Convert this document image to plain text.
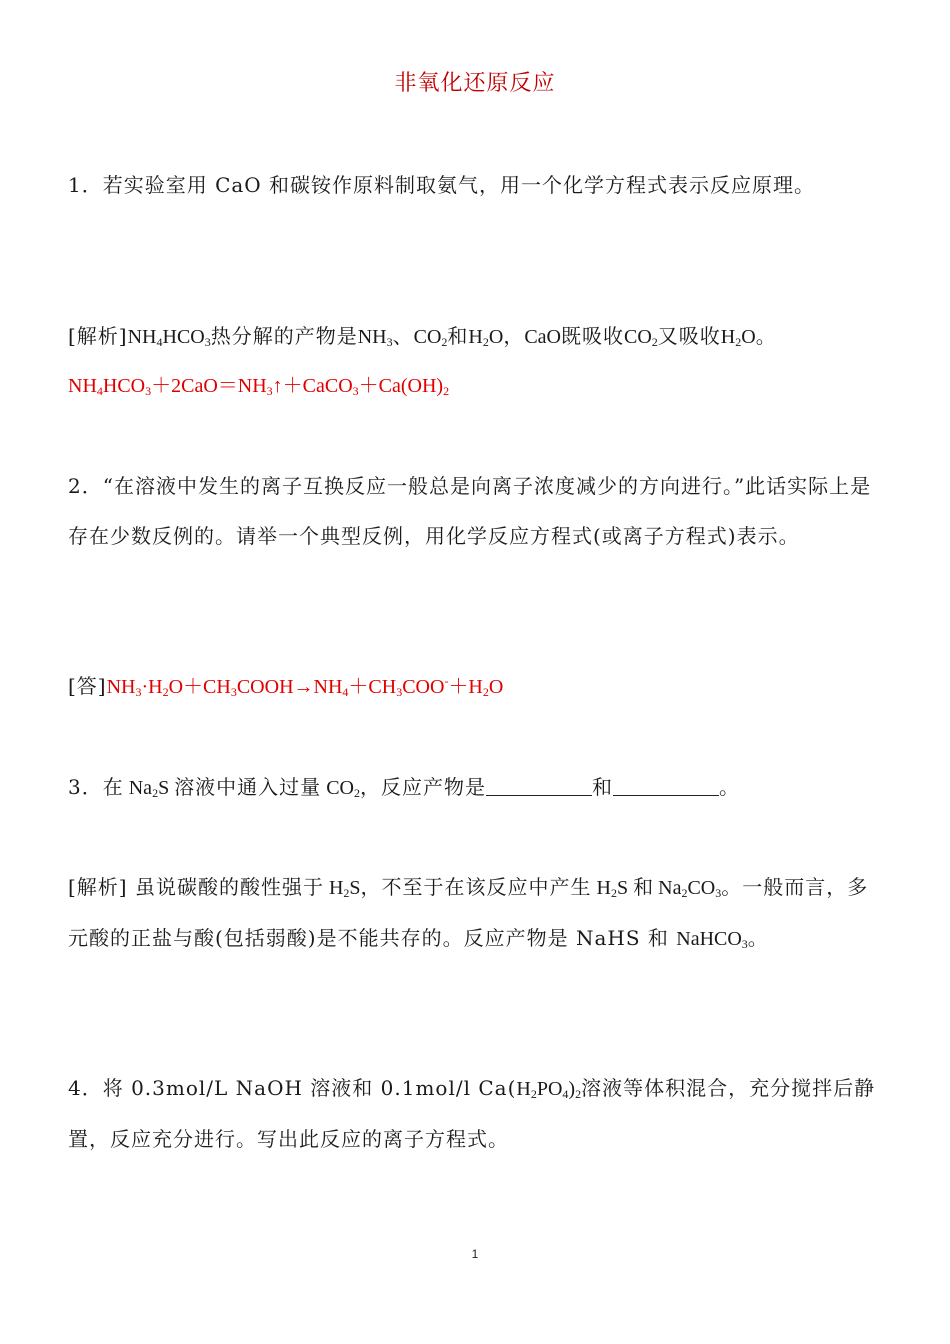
非氧化还原反应
1．若实验室用 CaO 和碳铵作原料制取氨气，用一个化学方程式表示反应原理。
[解析]$NH_4HCO_3$热分解的产物是$NH_3$、$CO_2$和$H_2O$，CaO既吸收$CO_2$又吸收$H_2O$。
$NH_4HCO_3+2CaO=NH_3↑+CaCO_3+Ca(OH)_2$
2．“在溶液中发生的离子互换反应一般总是向离子浓度减少的方向进行。”此话实际上是存在少数反例的。请举一个典型反例，用化学反应方程式(或离子方程式)表示。
[答]$NH_3\cdot H_2O+CH_3COOH\to NH_4+CH_3COO^-+H_2O$
3．在 $Na_2S$ 溶液中通入过量 $CO_2$，反应产物是	和	。
[解析] 虽说碳酸的酸性强于 $H_2S$，不至于在该反应中产生 $H_2S$ 和 $Na_2CO_3$。一般而言，多元酸的正盐与酸(包括弱酸)是不能共存的。反应产物是 NaHS 和 NaHCO$_3$。
4．将 0.3mol/L NaOH 溶液和 0.1mol/l $Ca(H_2PO_4)_2$溶液等体积混合，充分搅拌后静置，反应充分进行。写出此反应的离子方程式。
1
